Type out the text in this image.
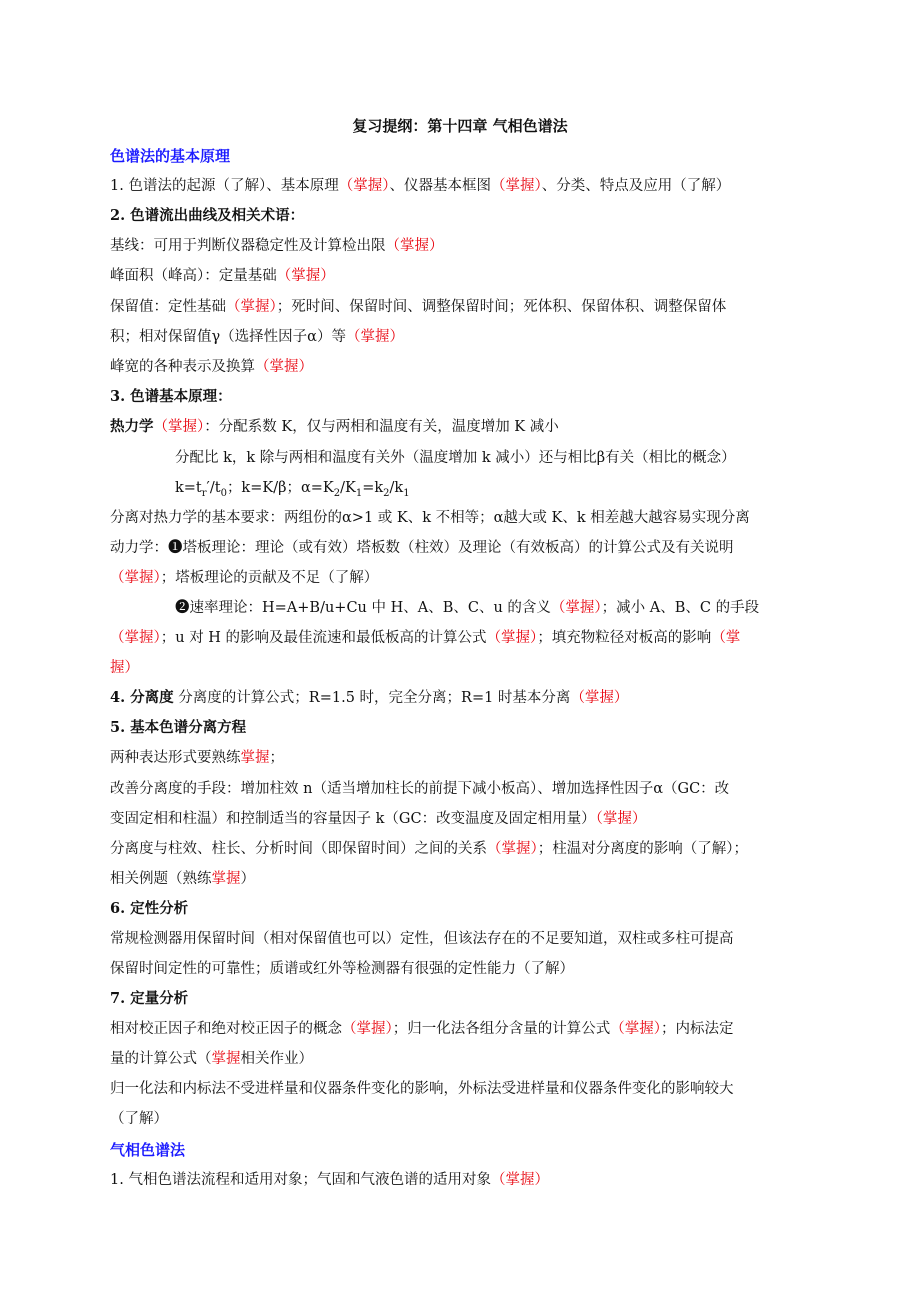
复习提纲：第十四章 气相色谱法
色谱法的基本原理
1. 色谱法的起源（了解）、基本原理（掌握）、仪器基本框图（掌握）、分类、特点及应用（了解）
2. 色谱流出曲线及相关术语：
基线：可用于判断仪器稳定性及计算检出限（掌握）
峰面积（峰高）：定量基础（掌握）
保留值：定性基础（掌握）；死时间、保留时间、调整保留时间；死体积、保留体积、调整保留体
积；相对保留值γ（选择性因子α）等（掌握）
峰宽的各种表示及换算（掌握）
3. 色谱基本原理：
热力学（掌握）：分配系数 K，仅与两相和温度有关，温度增加 K 减小
分配比 k，k 除与两相和温度有关外（温度增加 k 减小）还与相比β有关（相比的概念）
$k=t_r'/t_0$；k=K/β；$\alpha=K_2/K_1=k_2/k_1$
分离对热力学的基本要求：两组份的α>1 或 K、k 不相等；α越大或 K、k 相差越大越容易实现分离
动力学：❶塔板理论：理论（或有效）塔板数（柱效）及理论（有效板高）的计算公式及有关说明
（掌握）；塔板理论的贡献及不足（了解）
❷速率理论：H=A+B/u+Cu 中 H、A、B、C、u 的含义（掌握）；减小 A、B、C 的手段
（掌握）；u 对 H 的影响及最佳流速和最低板高的计算公式（掌握）；填充物粒径对板高的影响（掌
握）
4. 分离度 分离度的计算公式；R=1.5 时，完全分离；R=1 时基本分离（掌握）
5. 基本色谱分离方程
两种表达形式要熟练掌握；
改善分离度的手段：增加柱效 n（适当增加柱长的前提下减小板高）、增加选择性因子α（GC：改
变固定相和柱温）和控制适当的容量因子 k（GC：改变温度及固定相用量）（掌握）
分离度与柱效、柱长、分析时间（即保留时间）之间的关系（掌握）；柱温对分离度的影响（了解）；
相关例题（熟练掌握）
6. 定性分析
常规检测器用保留时间（相对保留值也可以）定性，但该法存在的不足要知道，双柱或多柱可提高
保留时间定性的可靠性；质谱或红外等检测器有很强的定性能力（了解）
7. 定量分析
相对校正因子和绝对校正因子的概念（掌握）；归一化法各组分含量的计算公式（掌握）；内标法定
量的计算公式（掌握相关作业）
归一化法和内标法不受进样量和仪器条件变化的影响，外标法受进样量和仪器条件变化的影响较大
（了解）
气相色谱法
1. 气相色谱法流程和适用对象；气固和气液色谱的适用对象（掌握）
